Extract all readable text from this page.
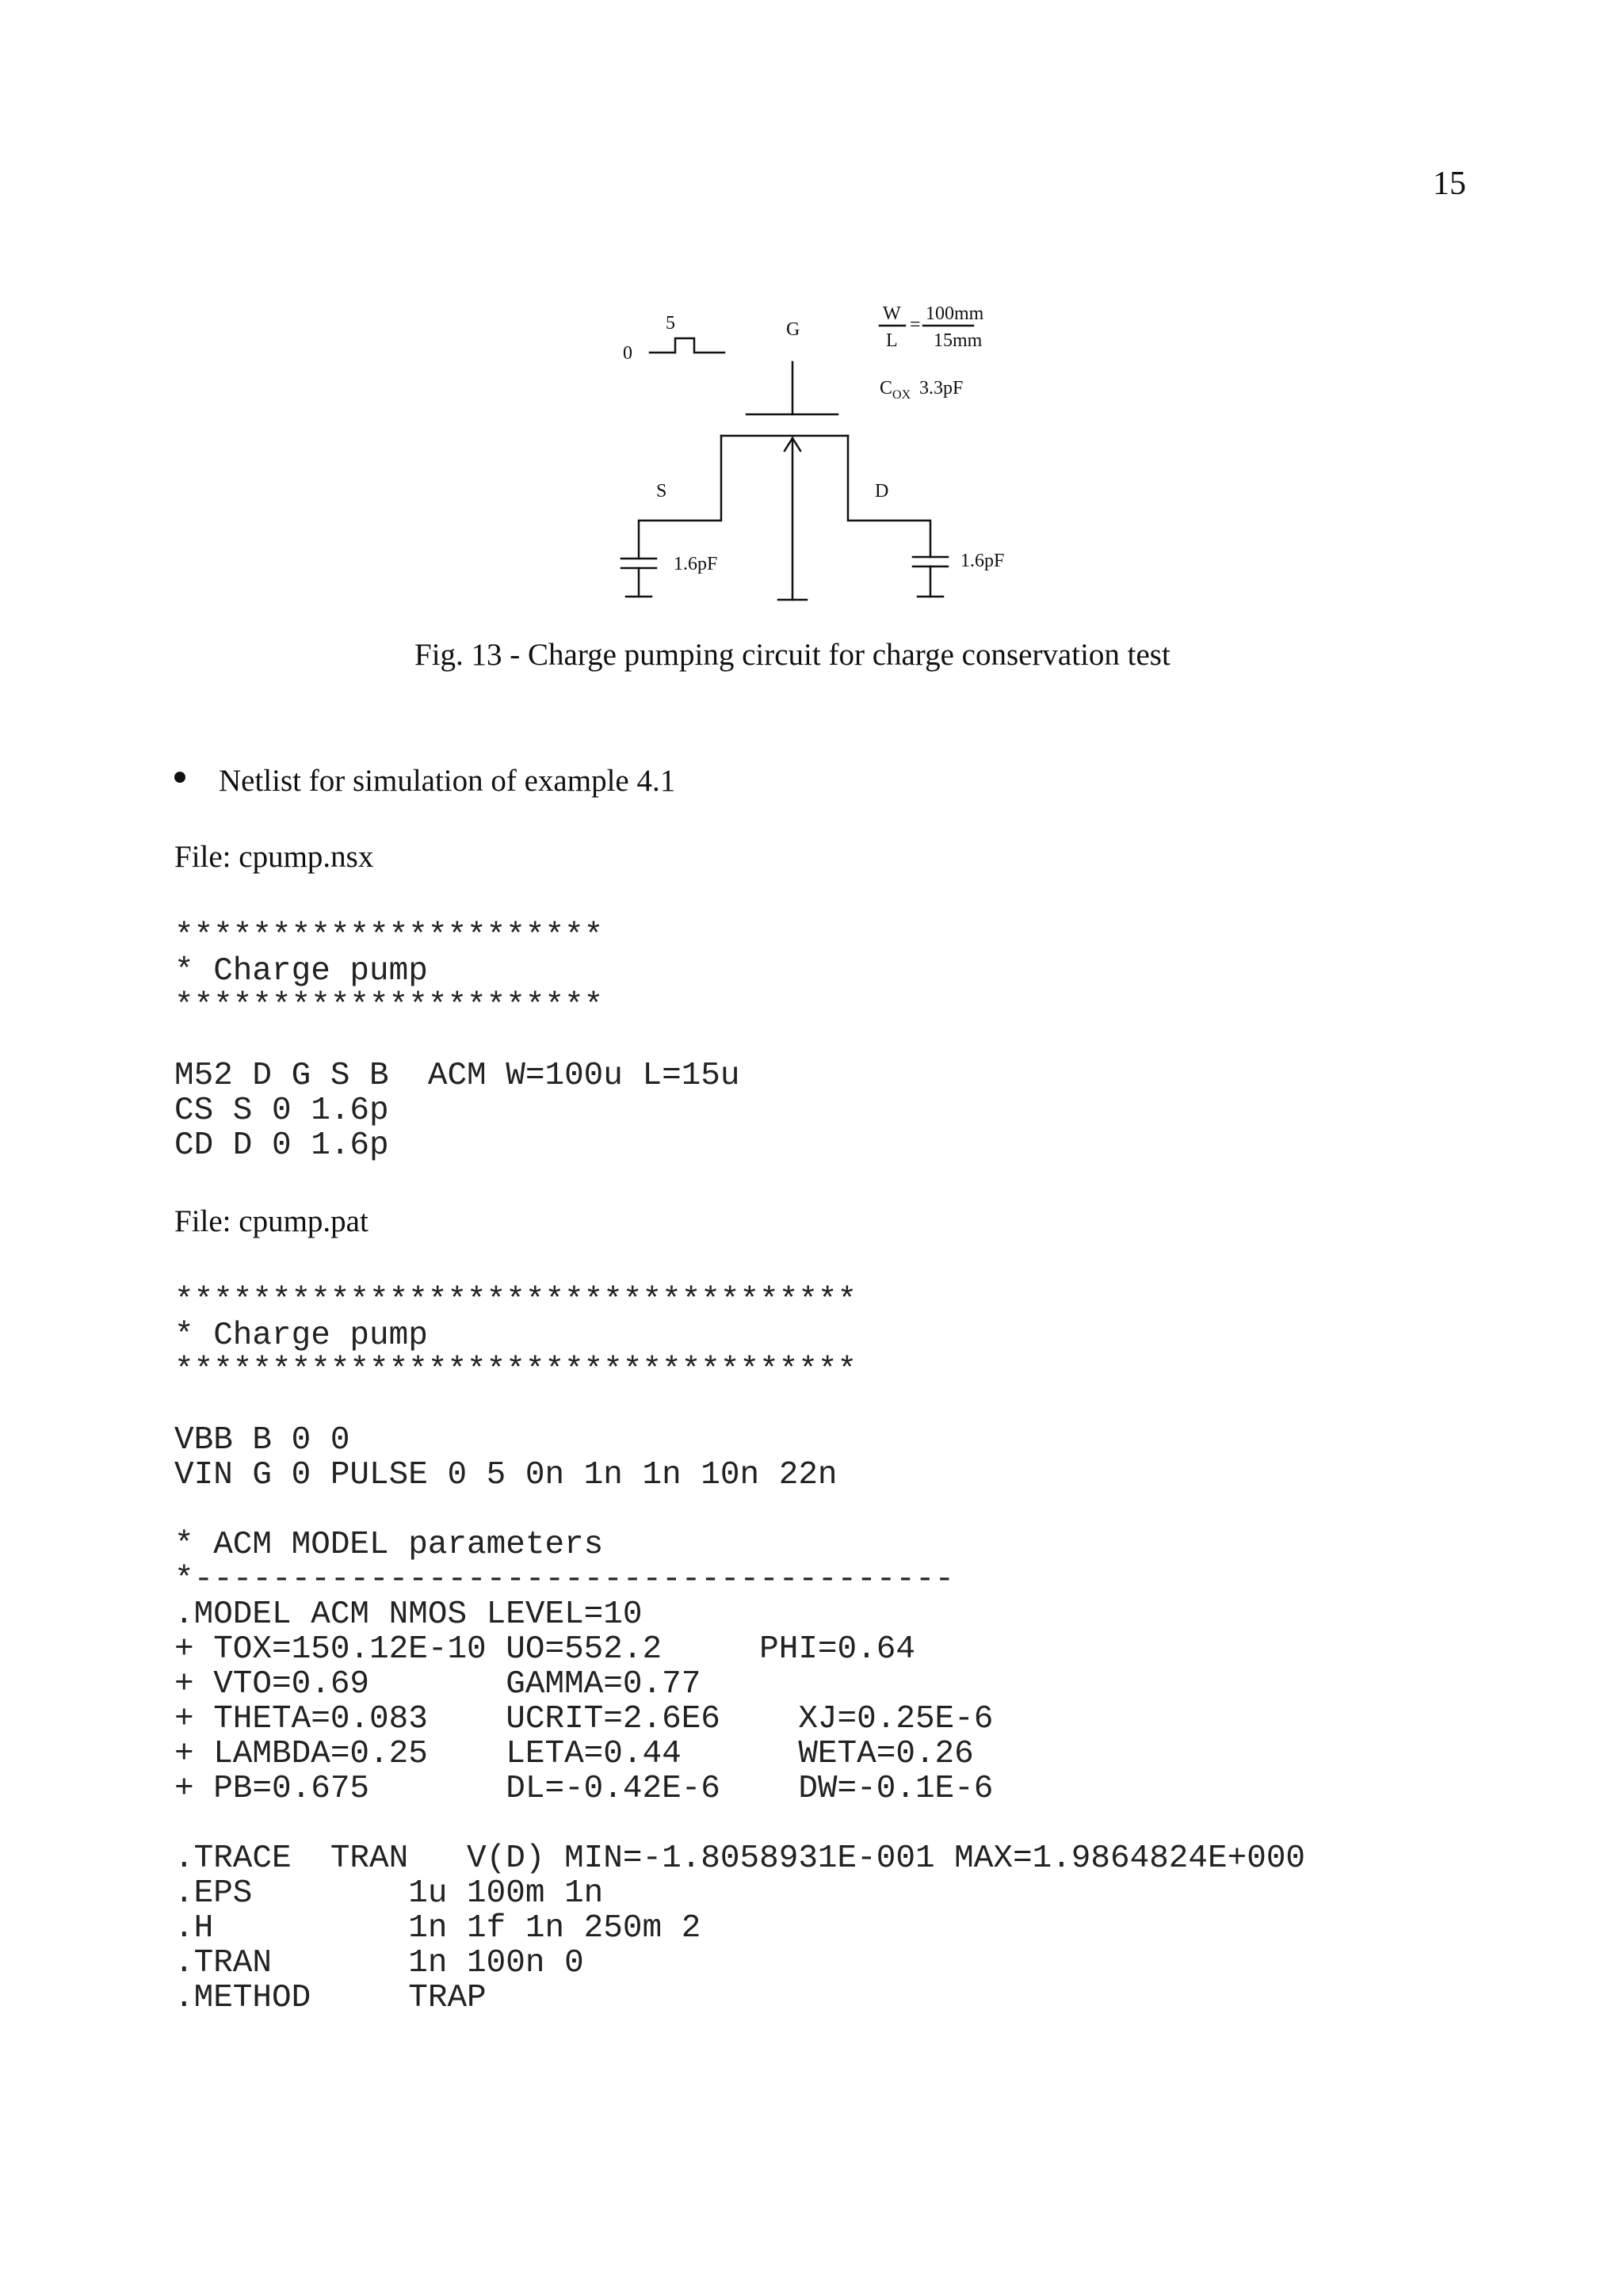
15
5
0
G
W
L
=
100mm
15mm
$C_{OX}$ 3.3pF
S	D
1.6pF	1.6pF
Fig. 13 - Charge pumping circuit for charge conservation test
Netlist for simulation of example 4.1
File: cpump.nsx
**********************
* Charge pump
**********************

M52 D G S B  ACM W=100u L=15u
CS S 0 1.6p
CD D 0 1.6p
File: cpump.pat
***********************************
* Charge pump
***********************************

VBB B 0 0
VIN G 0 PULSE 0 5 0n 1n 1n 10n 22n

* ACM MODEL parameters
*---------------------------------------
.MODEL ACM NMOS LEVEL=10
+ TOX=150.12E-10 UO=552.2     PHI=0.64
+ VTO=0.69       GAMMA=0.77
+ THETA=0.083    UCRIT=2.6E6    XJ=0.25E-6
+ LAMBDA=0.25    LETA=0.44      WETA=0.26
+ PB=0.675       DL=-0.42E-6    DW=-0.1E-6

.TRACE  TRAN   V(D) MIN=-1.8058931E-001 MAX=1.9864824E+000
.EPS        1u 100m 1n
.H          1n 1f 1n 250m 2
.TRAN       1n 100n 0
.METHOD     TRAP
